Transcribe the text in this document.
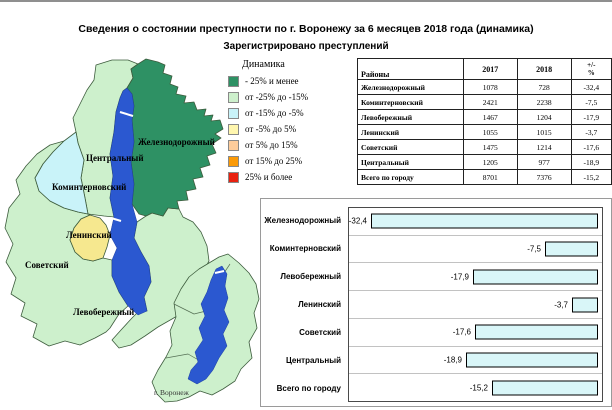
Сведения о состоянии преступности по г. Воронежу за 6 месяцев 2018 года (динамика)
Зарегистрировано преступлений
Железнодорожный
Центральный
Коминтерновский
Ленинский
Советский
Левобережный
г. Воронеж
Динамика
- 25% и менее
от -25% до -15%
от -15% до -5%
от -5% до 5%
от 5% до 15%
от 15% до 25%
25% и более
Районы	2017	2018	+/-
%
Железнодорожный	1078	728	-32,4
Коминтерновский	2421	2238	-7,5
Левобережный	1467	1204	-17,9
Ленинский	1055	1015	-3,7
Советский	1475	1214	-17,6
Центральный	1205	977	-18,9
Всего по городу	8701	7376	-15,2
Железнодорожный
Коминтерновский
Левобережный
Ленинский
Советский
Центральный
Всего по городу
-32,4
-7,5
-17,9
-3,7
-17,6
-18,9
-15,2
